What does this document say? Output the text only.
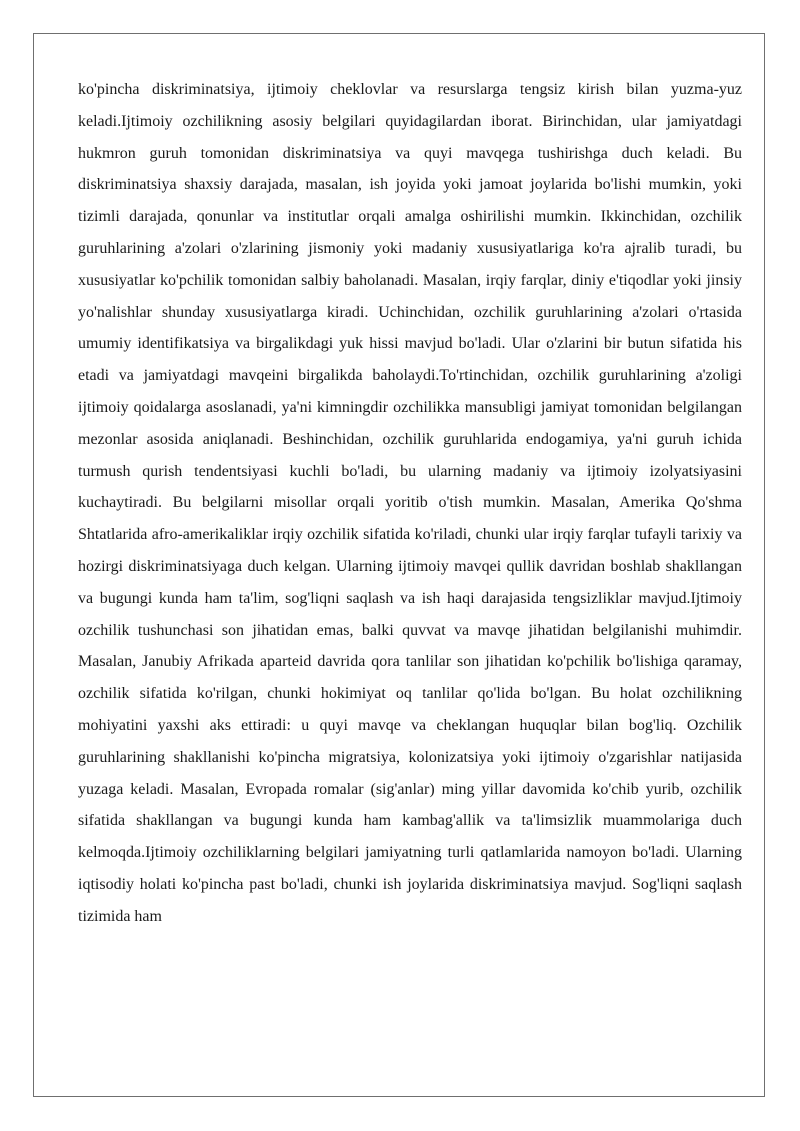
ko'pincha diskriminatsiya, ijtimoiy cheklovlar va resurslarga tengsiz kirish bilan yuzma-yuz keladi.Ijtimoiy ozchilikning asosiy belgilari quyidagilardan iborat. Birinchidan, ular jamiyatdagi hukmron guruh tomonidan diskriminatsiya va quyi mavqega tushirishga duch keladi. Bu diskriminatsiya shaxsiy darajada, masalan, ish joyida yoki jamoat joylarida bo'lishi mumkin, yoki tizimli darajada, qonunlar va institutlar orqali amalga oshirilishi mumkin. Ikkinchidan, ozchilik guruhlarining a'zolari o'zlarining jismoniy yoki madaniy xususiyatlariga ko'ra ajralib turadi, bu xususiyatlar ko'pchilik tomonidan salbiy baholanadi. Masalan, irqiy farqlar, diniy e'tiqodlar yoki jinsiy yo'nalishlar shunday xususiyatlarga kiradi. Uchinchidan, ozchilik guruhlarining a'zolari o'rtasida umumiy identifikatsiya va birgalikdagi yuk hissi mavjud bo'ladi. Ular o'zlarini bir butun sifatida his etadi va jamiyatdagi mavqeini birgalikda baholaydi.To'rtinchidan, ozchilik guruhlarining a'zoligi ijtimoiy qoidalarga asoslanadi, ya'ni kimningdir ozchilikka mansubligi jamiyat tomonidan belgilangan mezonlar asosida aniqlanadi. Beshinchidan, ozchilik guruhlarida endogamiya, ya'ni guruh ichida turmush qurish tendentsiyasi kuchli bo'ladi, bu ularning madaniy va ijtimoiy izolyatsiyasini kuchaytiradi. Bu belgilarni misollar orqali yoritib o'tish mumkin. Masalan, Amerika Qo'shma Shtatlarida afro-amerikaliklar irqiy ozchilik sifatida ko'riladi, chunki ular irqiy farqlar tufayli tarixiy va hozirgi diskriminatsiyaga duch kelgan. Ularning ijtimoiy mavqei qullik davridan boshlab shakllangan va bugungi kunda ham ta'lim, sog'liqni saqlash va ish haqi darajasida tengsizliklar mavjud.Ijtimoiy ozchilik tushunchasi son jihatidan emas, balki quvvat va mavqe jihatidan belgilanishi muhimdir. Masalan, Janubiy Afrikada aparteid davrida qora tanlilar son jihatidan ko'pchilik bo'lishiga qaramay, ozchilik sifatida ko'rilgan, chunki hokimiyat oq tanlilar qo'lida bo'lgan. Bu holat ozchilikning mohiyatini yaxshi aks ettiradi: u quyi mavqe va cheklangan huquqlar bilan bog'liq. Ozchilik guruhlarining shakllanishi ko'pincha migratsiya, kolonizatsiya yoki ijtimoiy o'zgarishlar natijasida yuzaga keladi. Masalan, Evropada romalar (sig'anlar) ming yillar davomida ko'chib yurib, ozchilik sifatida shakllangan va bugungi kunda ham kambag'allik va ta'limsizlik muammolariga duch kelmoqda.Ijtimoiy ozchiliklarning belgilari jamiyatning turli qatlamlarida namoyon bo'ladi. Ularning iqtisodiy holati ko'pincha past bo'ladi, chunki ish joylarida diskriminatsiya mavjud. Sog'liqni saqlash tizimida ham
